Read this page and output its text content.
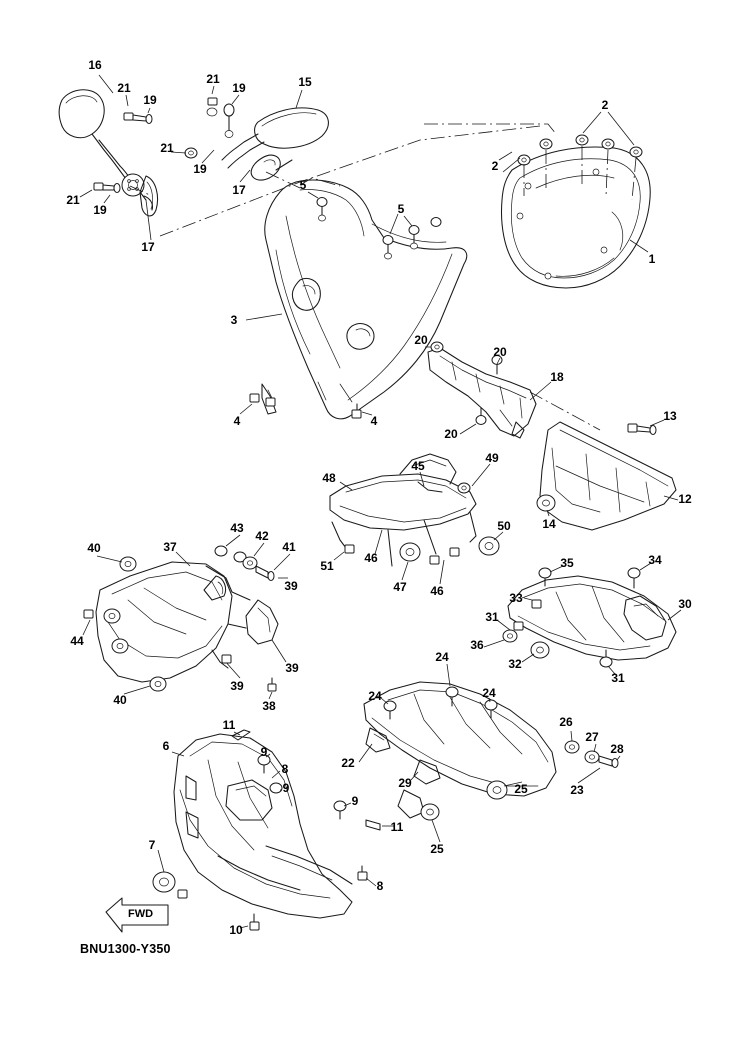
16
21
19
21
19	15
21
19
17
21
19
17
2
2
1
5
5
3
4	4
20
20
20
18
13
12
14
48
45
49
50
51
46
47 46
43
42
41
37
40
39
44
39
39
38
40
35	34
33
31
30
36
32
31
24
24	24
26
27
28
22
29	23
25
25
11
6	9
8
9
9
11
7
8
10
FWD
BNU1300-Y350
